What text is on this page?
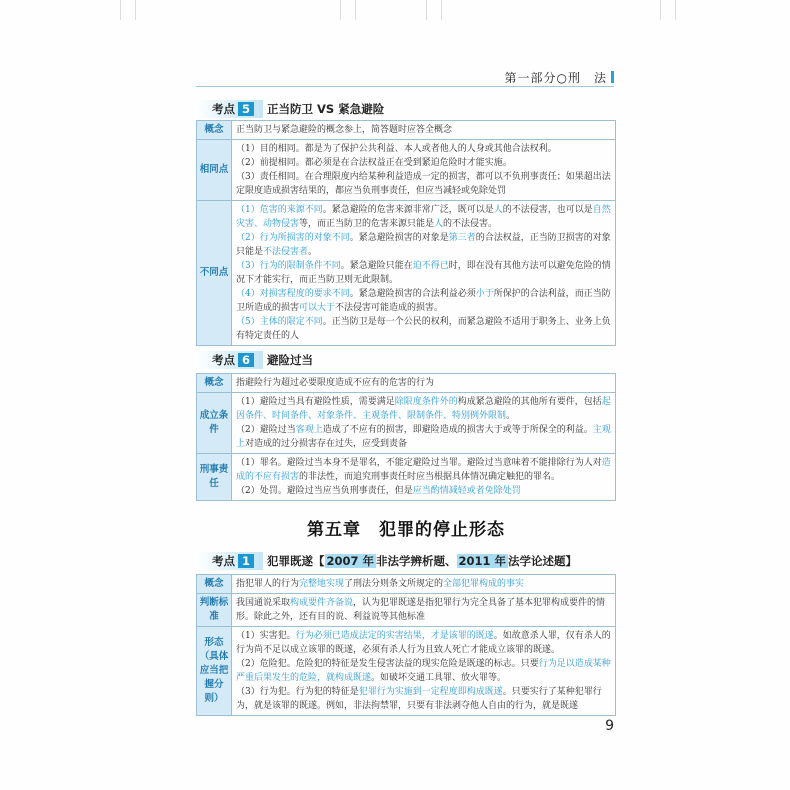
第一部分○刑　法
考点 5 正当防卫 VS 紧急避险
概念	正当防卫与紧急避险的概念参上，简答题时应答全概念
相同点	（1）目的相同。都是为了保护公共利益、本人或者他人的人身或其他合法权利。

（2）前提相同。都必须是在合法权益正在受到紧迫危险时才能实施。

（3）责任相同。在合理限度内给某种利益造成一定的损害，都可以不负刑事责任；如果超出法定限度造成损害结果的，都应当负刑事责任，但应当减轻或免除处罚

不同点	（1）危害的来源不同。紧急避险的危害来源非常广泛，既可以是人的不法侵害，也可以是自然灾害、动物侵害等，而正当防卫的危害来源只能是人的不法侵害。

（2）行为所损害的对象不同。紧急避险损害的对象是第三者的合法权益，正当防卫损害的对象只能是不法侵害者。

（3）行为的限制条件不同。紧急避险只能在迫不得已时，即在没有其他方法可以避免危险的情况下才能实行，而正当防卫则无此限制。

（4）对损害程度的要求不同。紧急避险损害的合法利益必须小于所保护的合法利益，而正当防卫所造成的损害可以大于不法侵害可能造成的损害。

（5）主体的限定不同。正当防卫是每一个公民的权利，而紧急避险不适用于职务上、业务上负有特定责任的人

考点 6 避险过当
概念	指避险行为超过必要限度造成不应有的危害的行为
成立条件	（1）避险过当具有避险性质，需要满足除限度条件外的构成紧急避险的其他所有要件，包括起因条件、时间条件、对象条件、主观条件、限制条件、特别例外限制。

（2）避险过当客观上造成了不应有的损害，即避险造成的损害大于或等于所保全的利益。主观上对造成的过分损害存在过失，应受到责备

刑事责任	（1）罪名。避险过当本身不是罪名，不能定避险过当罪。避险过当意味着不能排除行为人对造成的不应有损害的非法性，而追究刑事责任时应当根据具体情况确定触犯的罪名。

（2）处罚。避险过当应当负刑事责任，但是应当酌情减轻或者免除处罚

第五章　犯罪的停止形态
考点 1 犯罪既遂【 2007 年 非法学辨析题、 2011 年 法学论述题】
概念	指犯罪人的行为完整地实现了刑法分则条文所规定的全部犯罪构成的事实
判断标准	我国通说采取构成要件齐备说，认为犯罪既遂是指犯罪行为完全具备了基本犯罪构成要件的情形。除此之外，还有目的说、利益说等其他标准
形态（具体应当把握分则）	（1）实害犯。行为必须已造成法定的实害结果，才是该罪的既遂。如故意杀人罪，仅有杀人的行为尚不足以成立该罪的既遂，必须有杀人行为且致人死亡才能成立该罪的既遂。

（2）危险犯。危险犯的特征是发生侵害法益的现实危险是既遂的标志。只要行为足以造成某种严重后果发生的危险，就构成既遂。如破坏交通工具罪、放火罪等。

（3）行为犯。行为犯的特征是犯罪行为实施到一定程度即构成既遂。只要实行了某种犯罪行为，就是该罪的既遂。例如，非法拘禁罪，只要有非法剥夺他人自由的行为，就是既遂

9
